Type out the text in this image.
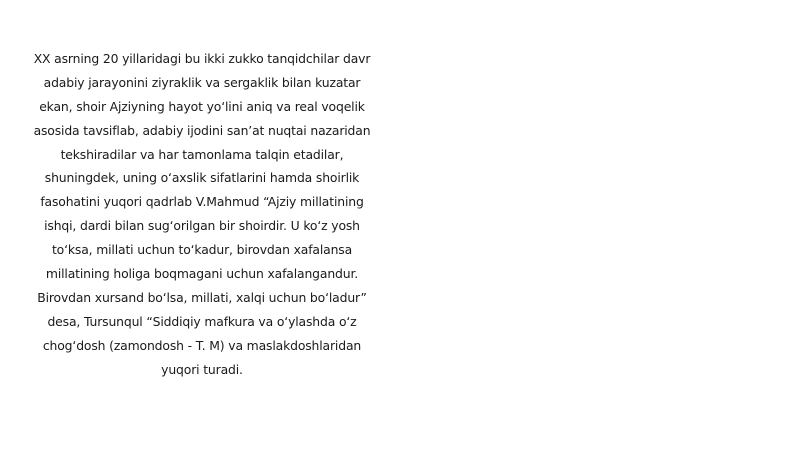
XX asrning 20 yillaridagi bu ikki zukko tanqidchilar davr
adabiy jarayonini ziyraklik va sergaklik bilan kuzatar
ekan, shoir Ajziyning hayot yo‘lini aniq va real voqelik
asosida tavsiflab, adabiy ijodini san’at nuqtai nazaridan
tekshiradilar va har tamonlama talqin etadilar,
shuningdek, uning o‘axslik sifatlarini hamda shoirlik
fasohatini yuqori qadrlab V.Mahmud “Ajziy millatining
ishqi, dardi bilan sug‘orilgan bir shoirdir. U ko‘z yosh
to‘ksa, millati uchun to‘kadur, birovdan xafalansa
millatining holiga boqmagani uchun xafalangandur.
Birovdan xursand bo‘lsa, millati, xalqi uchun bo‘ladur”
desa, Tursunqul “Siddiqiy mafkura va o‘ylashda o‘z
chog‘dosh (zamondosh - T. M) va maslakdoshlaridan
yuqori turadi.
